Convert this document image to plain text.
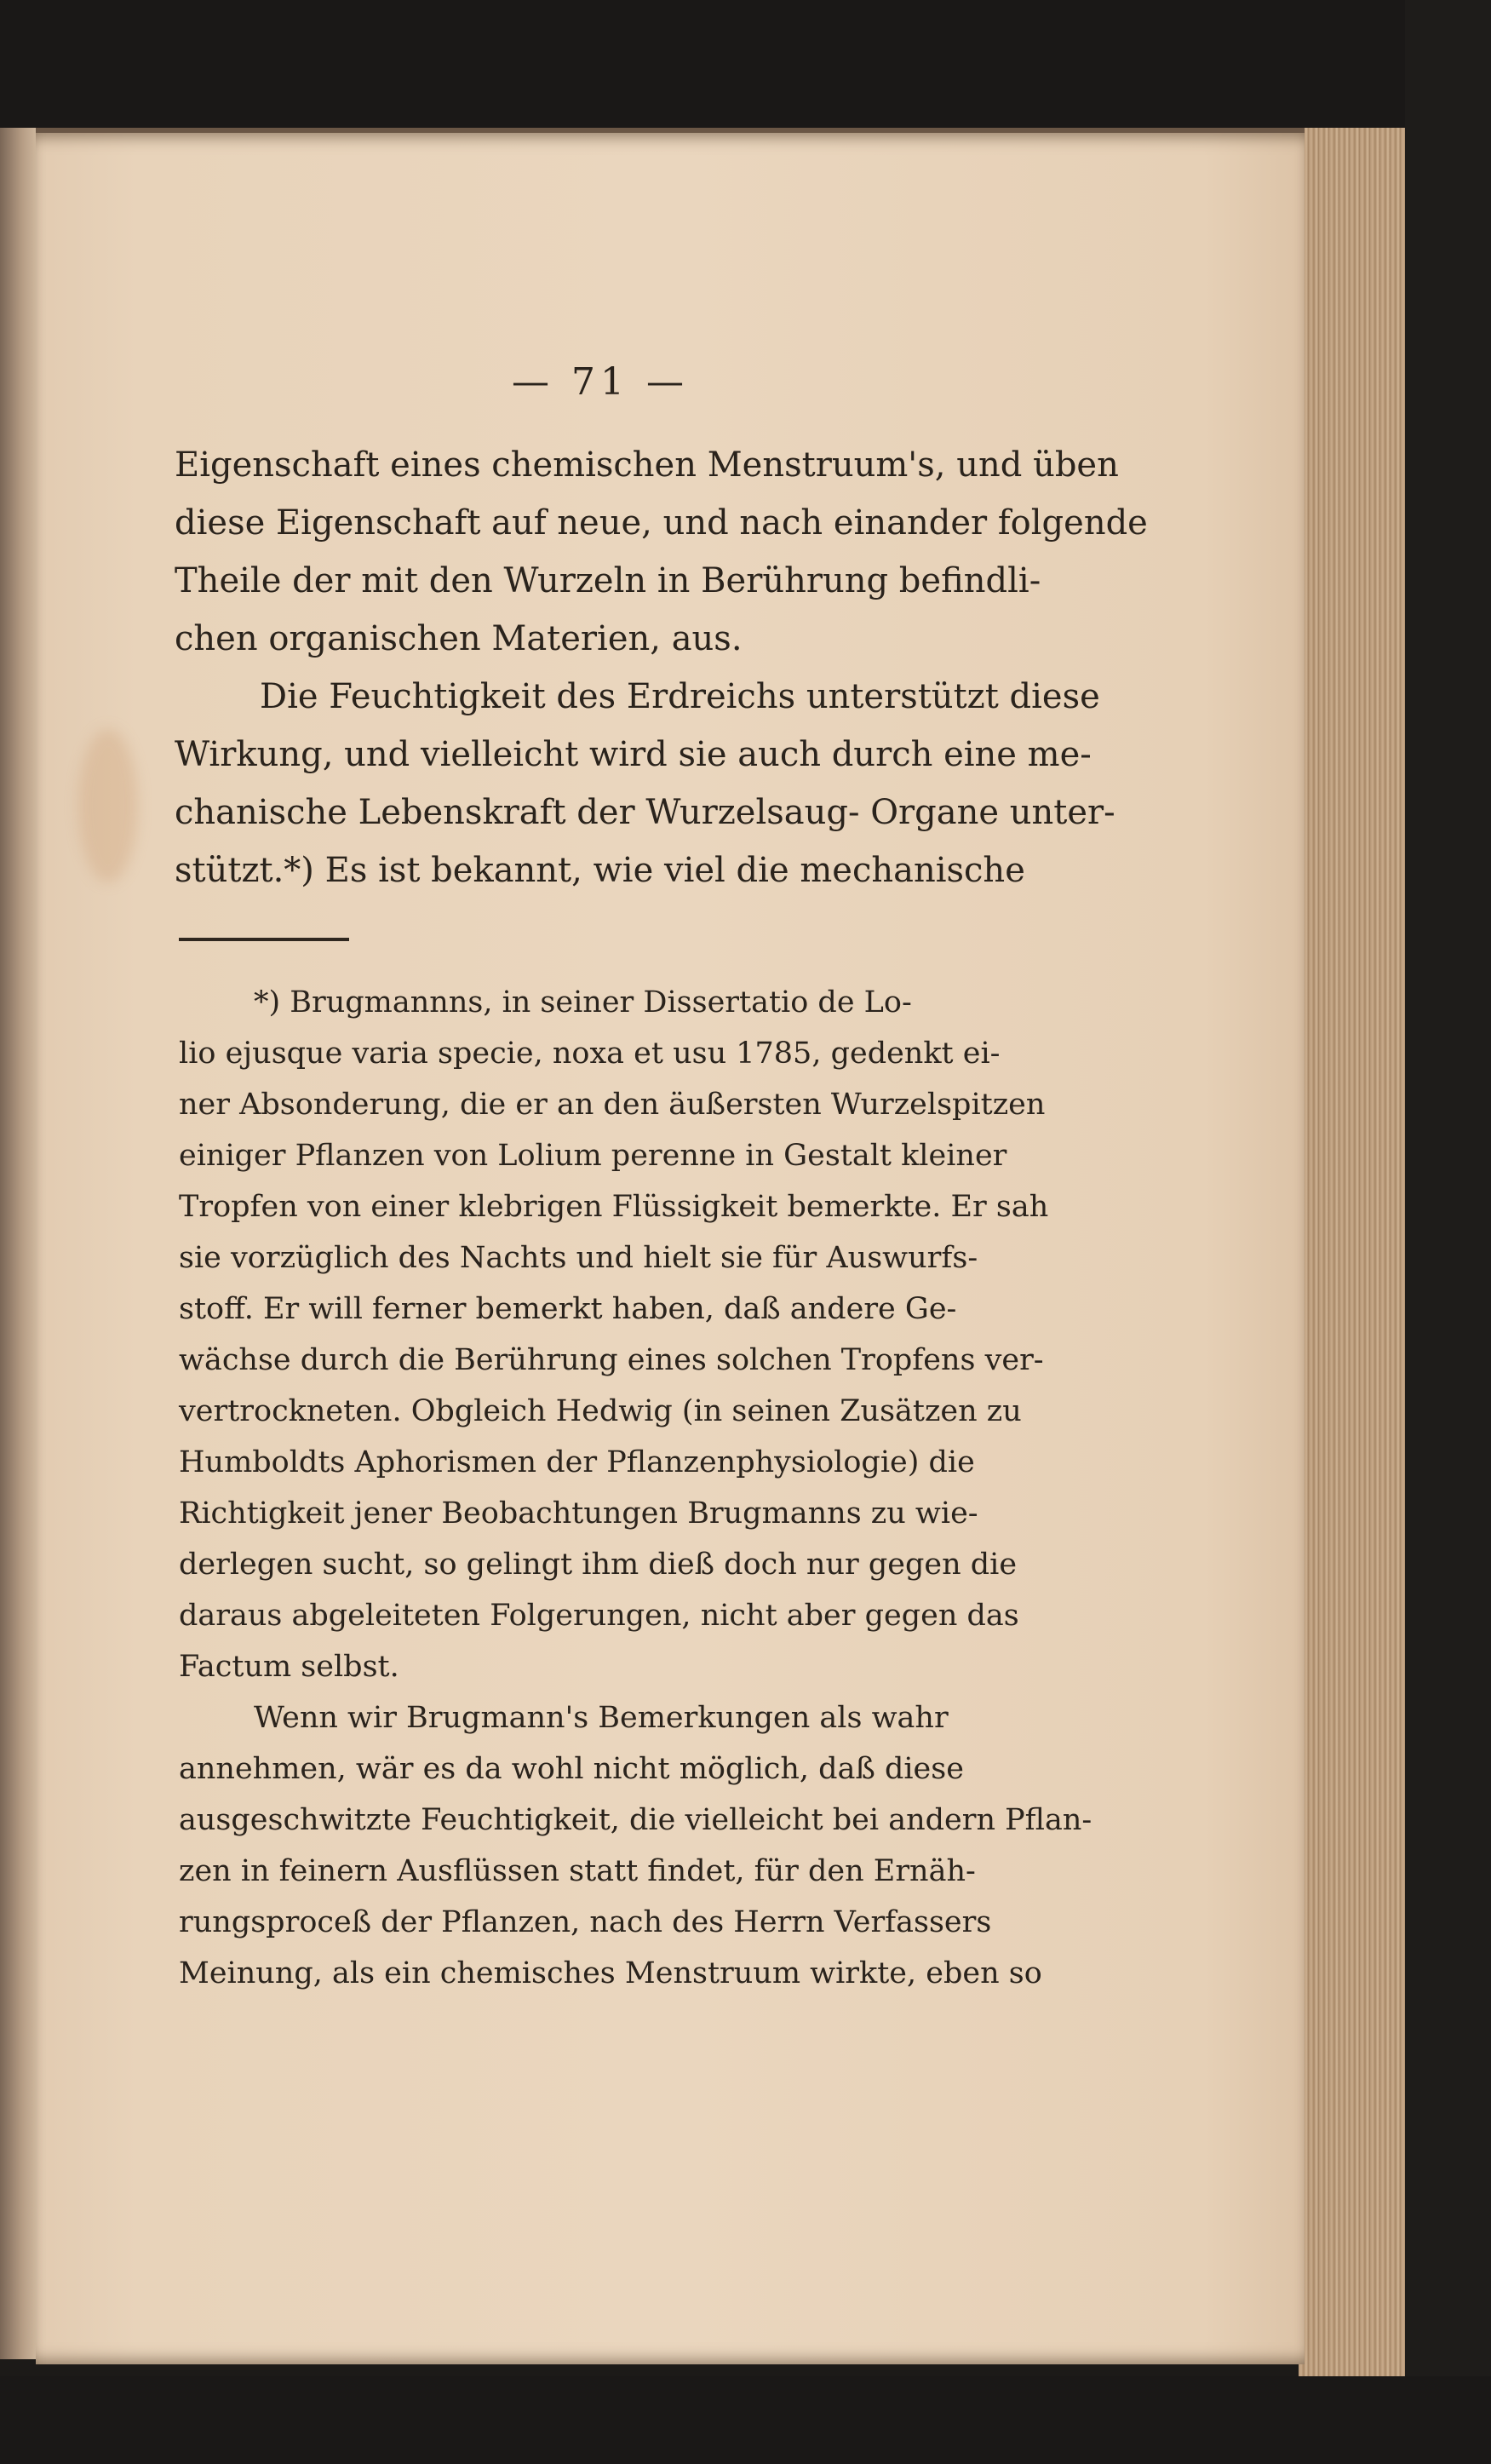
— 71 —

Eigenschaft eines chemischen Menstruum's, und üben

diese Eigenschaft auf neue, und nach einander folgende

Theile der mit den Wurzeln in Berührung befindli-

chen organischen Materien, aus.

Die Feuchtigkeit des Erdreichs unterstützt diese

Wirkung, und vielleicht wird sie auch durch eine me-

chanische Lebenskraft der Wurzelsaug- Organe unter-

stützt.*) Es ist bekannt, wie viel die mechanische

*) Brugmannns, in seiner Dissertatio de Lo-

lio ejusque varia specie, noxa et usu 1785, gedenkt ei-

ner Absonderung, die er an den äußersten Wurzelspitzen

einiger Pflanzen von Lolium perenne in Gestalt kleiner

Tropfen von einer klebrigen Flüssigkeit bemerkte. Er sah

sie vorzüglich des Nachts und hielt sie für Auswurfs-

stoff. Er will ferner bemerkt haben, daß andere Ge-

wächse durch die Berührung eines solchen Tropfens ver-

vertrockneten. Obgleich Hedwig (in seinen Zusätzen zu

Humboldts Aphorismen der Pflanzenphysiologie) die

Richtigkeit jener Beobachtungen Brugmanns zu wie-

derlegen sucht, so gelingt ihm dieß doch nur gegen die

daraus abgeleiteten Folgerungen, nicht aber gegen das

Factum selbst.

Wenn wir Brugmann's Bemerkungen als wahr

annehmen, wär es da wohl nicht möglich, daß diese

ausgeschwitzte Feuchtigkeit, die vielleicht bei andern Pflan-

zen in feinern Ausflüssen statt findet, für den Ernäh-

rungsproceß der Pflanzen, nach des Herrn Verfassers

Meinung, als ein chemisches Menstruum wirkte, eben so
